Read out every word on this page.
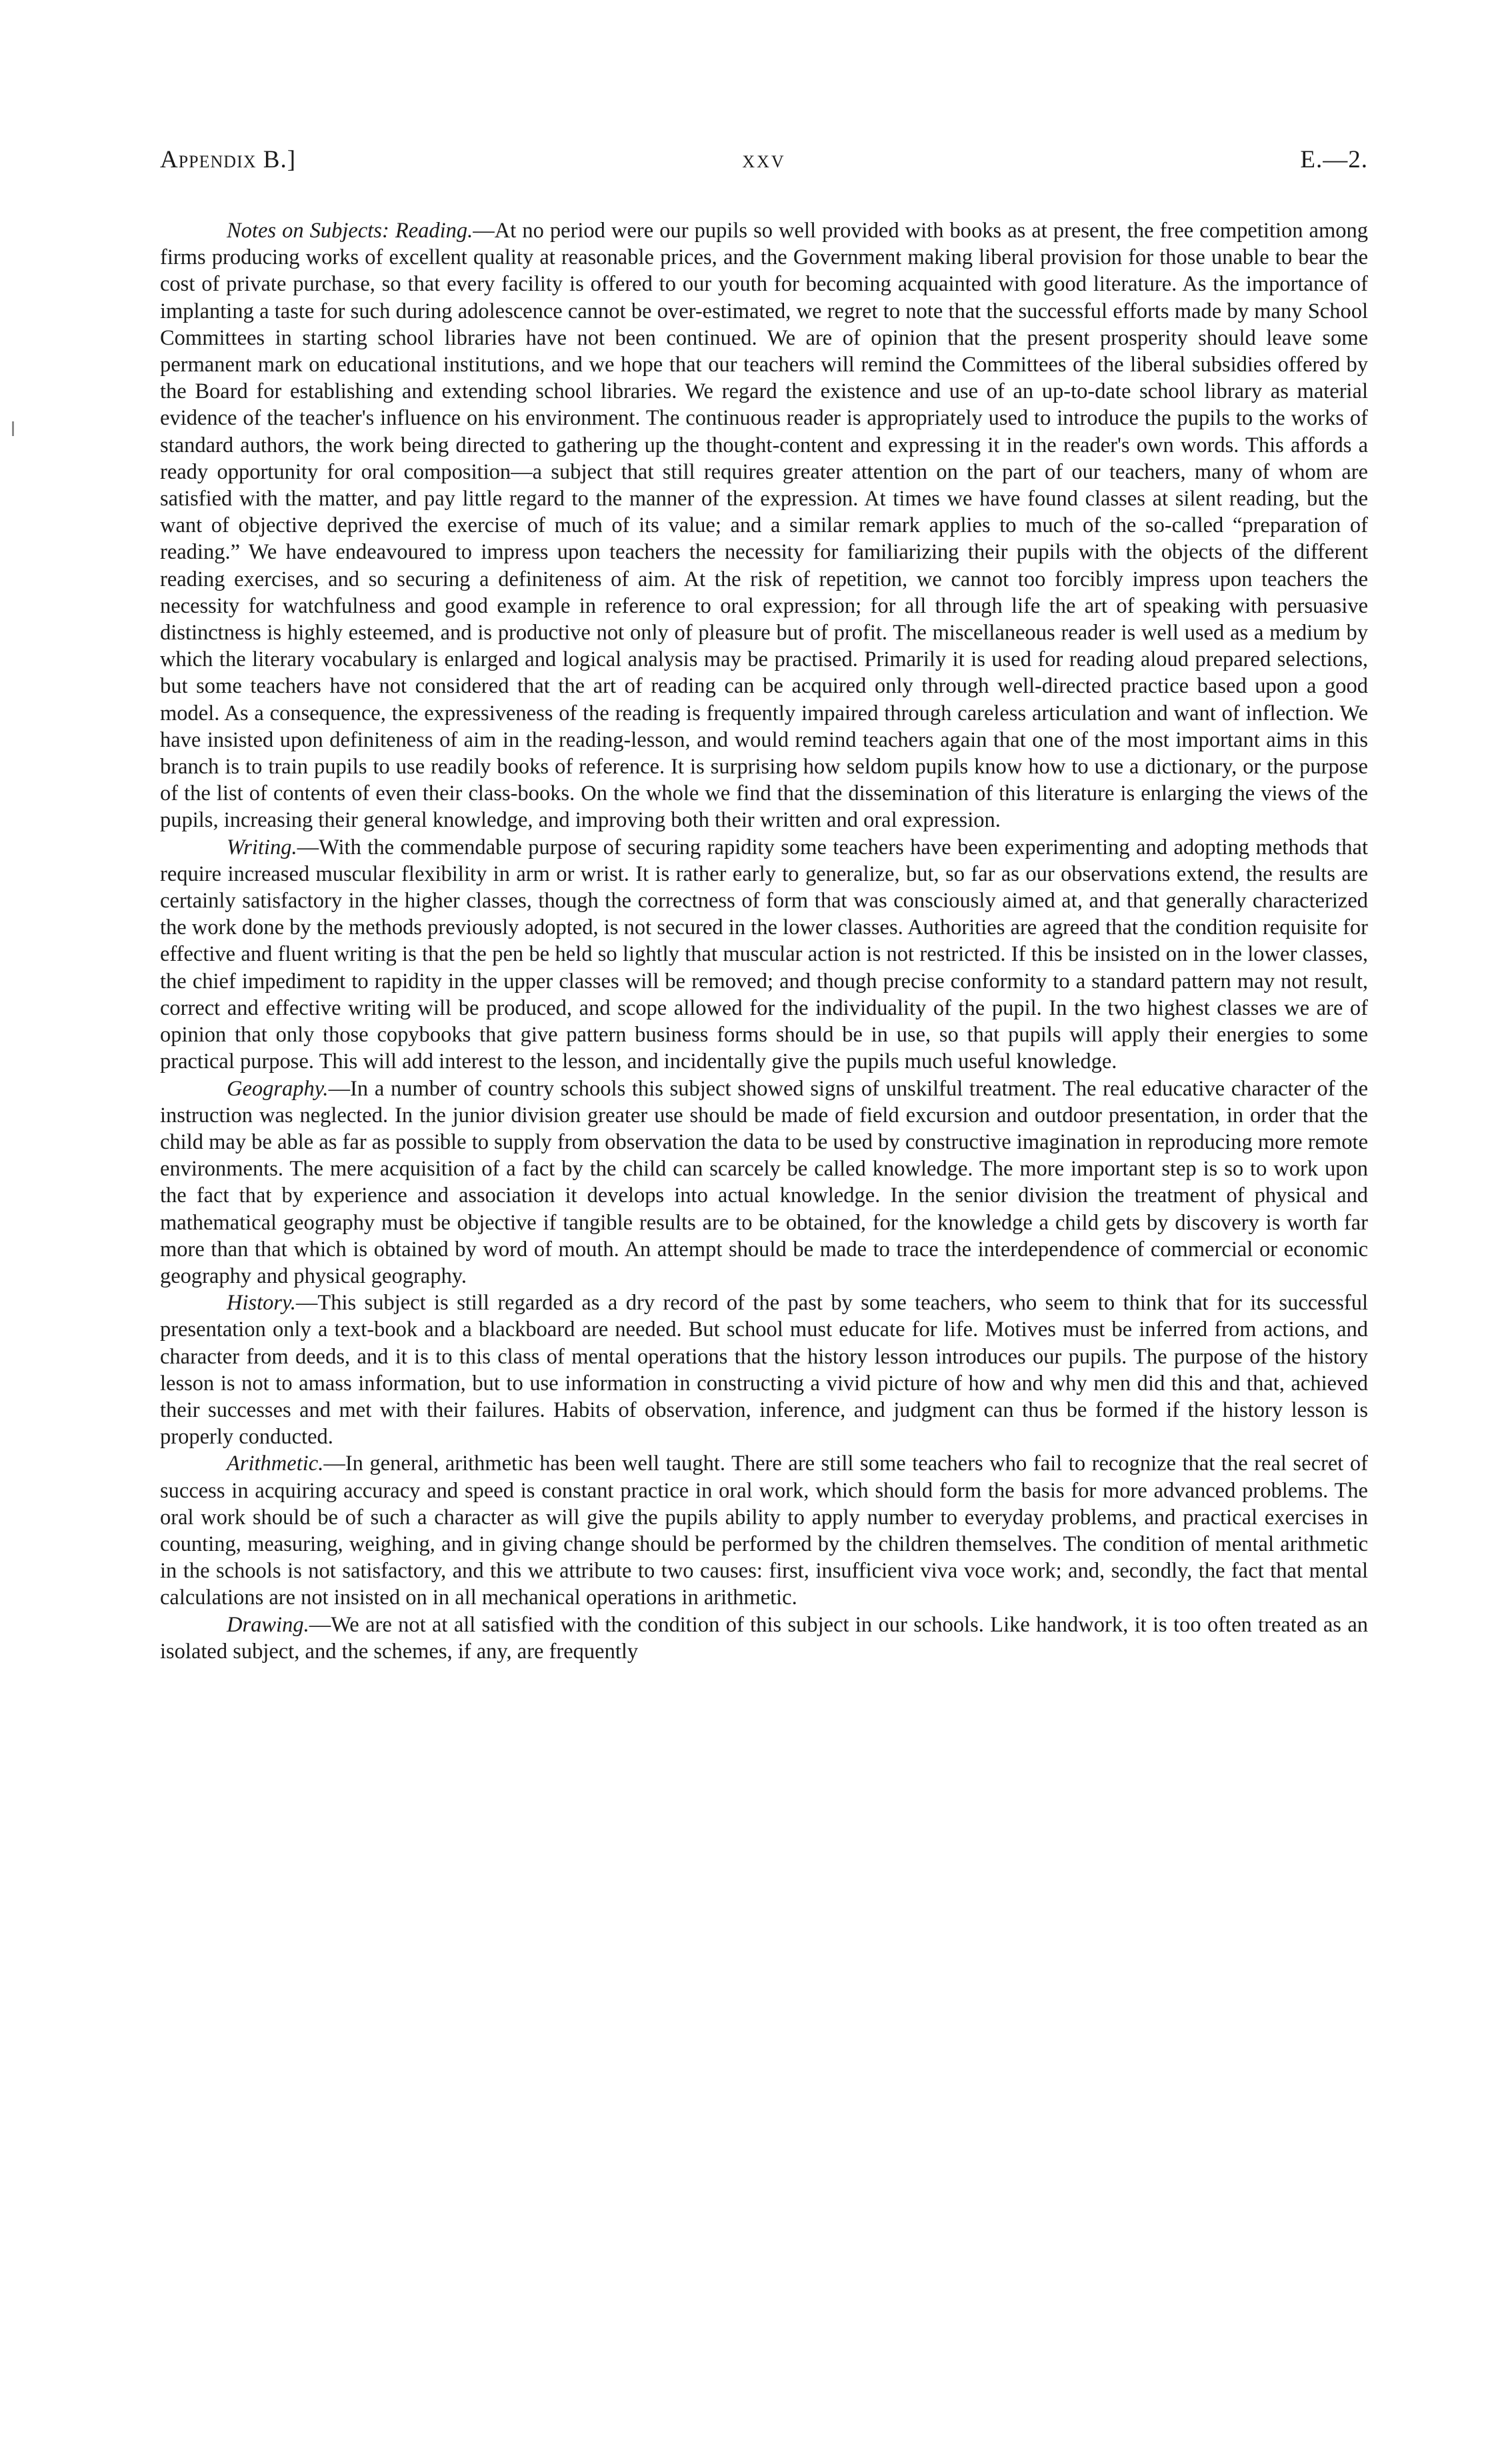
Appendix B.]	xxv	E.—2.

Notes on Subjects: Reading.—At no period were our pupils so well provided with books as at present, the free competition among firms producing works of excellent quality at reasonable prices, and the Government making liberal provision for those unable to bear the cost of private purchase, so that every facility is offered to our youth for becoming acquainted with good literature. As the importance of implanting a taste for such during adolescence cannot be over-estimated, we regret to note that the successful efforts made by many School Committees in starting school libraries have not been continued. We are of opinion that the present prosperity should leave some permanent mark on educational institutions, and we hope that our teachers will remind the Committees of the liberal subsidies offered by the Board for establishing and extending school libraries. We regard the existence and use of an up-to-date school library as material evidence of the teacher's influence on his environment. The continuous reader is appropriately used to introduce the pupils to the works of standard authors, the work being directed to gathering up the thought-content and expressing it in the reader's own words. This affords a ready opportunity for oral composition—a subject that still requires greater attention on the part of our teachers, many of whom are satisfied with the matter, and pay little regard to the manner of the expression. At times we have found classes at silent reading, but the want of objective deprived the exercise of much of its value; and a similar remark applies to much of the so-called “preparation of reading.” We have endeavoured to impress upon teachers the necessity for familiarizing their pupils with the objects of the different reading exercises, and so securing a definiteness of aim. At the risk of repetition, we cannot too forcibly impress upon teachers the necessity for watchfulness and good example in reference to oral expression; for all through life the art of speaking with persuasive distinctness is highly esteemed, and is productive not only of pleasure but of profit. The miscellaneous reader is well used as a medium by which the literary vocabulary is enlarged and logical analysis may be practised. Primarily it is used for reading aloud prepared selections, but some teachers have not considered that the art of reading can be acquired only through well-directed practice based upon a good model. As a consequence, the expressiveness of the reading is frequently impaired through careless articulation and want of inflection. We have insisted upon definiteness of aim in the reading-lesson, and would remind teachers again that one of the most important aims in this branch is to train pupils to use readily books of reference. It is surprising how seldom pupils know how to use a dictionary, or the purpose of the list of contents of even their class-books. On the whole we find that the dissemination of this literature is enlarging the views of the pupils, increasing their general knowledge, and improving both their written and oral expression.

Writing.—With the commendable purpose of securing rapidity some teachers have been experimenting and adopting methods that require increased muscular flexibility in arm or wrist. It is rather early to generalize, but, so far as our observations extend, the results are certainly satisfactory in the higher classes, though the correctness of form that was consciously aimed at, and that generally characterized the work done by the methods previously adopted, is not secured in the lower classes. Authorities are agreed that the condition requisite for effective and fluent writing is that the pen be held so lightly that muscular action is not restricted. If this be insisted on in the lower classes, the chief impediment to rapidity in the upper classes will be removed; and though precise conformity to a standard pattern may not result, correct and effective writing will be produced, and scope allowed for the individuality of the pupil. In the two highest classes we are of opinion that only those copybooks that give pattern business forms should be in use, so that pupils will apply their energies to some practical purpose. This will add interest to the lesson, and incidentally give the pupils much useful knowledge.

Geography.—In a number of country schools this subject showed signs of unskilful treatment. The real educative character of the instruction was neglected. In the junior division greater use should be made of field excursion and outdoor presentation, in order that the child may be able as far as possible to supply from observation the data to be used by constructive imagination in reproducing more remote environments. The mere acquisition of a fact by the child can scarcely be called knowledge. The more important step is so to work upon the fact that by experience and association it develops into actual knowledge. In the senior division the treatment of physical and mathematical geography must be objective if tangible results are to be obtained, for the knowledge a child gets by discovery is worth far more than that which is obtained by word of mouth. An attempt should be made to trace the interdependence of commercial or economic geography and physical geography.

History.—This subject is still regarded as a dry record of the past by some teachers, who seem to think that for its successful presentation only a text-book and a blackboard are needed. But school must educate for life. Motives must be inferred from actions, and character from deeds, and it is to this class of mental operations that the history lesson introduces our pupils. The purpose of the history lesson is not to amass information, but to use information in constructing a vivid picture of how and why men did this and that, achieved their successes and met with their failures. Habits of observation, inference, and judgment can thus be formed if the history lesson is properly conducted.

Arithmetic.—In general, arithmetic has been well taught. There are still some teachers who fail to recognize that the real secret of success in acquiring accuracy and speed is constant practice in oral work, which should form the basis for more advanced problems. The oral work should be of such a character as will give the pupils ability to apply number to everyday problems, and practical exercises in counting, measuring, weighing, and in giving change should be performed by the children themselves. The condition of mental arithmetic in the schools is not satisfactory, and this we attribute to two causes: first, insufficient viva voce work; and, secondly, the fact that mental calculations are not insisted on in all mechanical operations in arithmetic.

Drawing.—We are not at all satisfied with the condition of this subject in our schools. Like handwork, it is too often treated as an isolated subject, and the schemes, if any, are frequently
